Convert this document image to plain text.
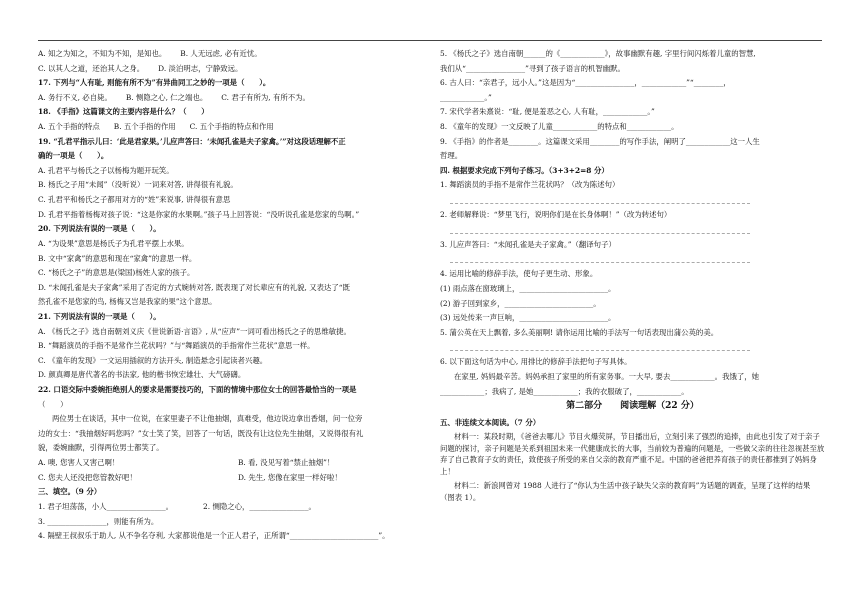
A. 知之为知之，不知为不知，是知也。 B. 人无远虑, 必有近忧。
C. 以其人之道，还治其人之身。 D. 淡泊明志，宁静致远。
17. 下列与“人有耻, 则能有所不为”有异曲同工之妙的一项是（　　）。
A. 务行不义, 必自毙。 B. 恻隐之心, 仁之端也。 C. 君子有所为, 有所不为。
18. 《手指》这篇课文的主要内容是什么？（　　）
A. 五个手指的特点 B. 五个手指的作用 C. 五个手指的特点和作用
19. “孔君平指示儿曰：‘此是君家果。’儿应声答曰：‘未闻孔雀是夫子家禽。’”对这段话理解不正
确的一项是（　　）。
A. 孔君平与杨氏之子以杨梅为题开玩笑。
B. 杨氏之子用“未闻”（没听说）一词来对答, 讲得很有礼貌。
C. 孔君平和杨氏之子都用对方的“姓”来说事, 讲得很有意思
D. 孔君平指着杨梅对孩子说：“这是你家的水果啊。”孩子马上回答说：“没听说孔雀是您家的鸟啊。”
20. 下列说法有误的一项是（　　）。
A. “为设果”意思是杨氏子为孔君平摆上水果。
B. 文中“家禽”的意思和现在“家禽”的意思一样。
C. “杨氏之子”的意思是(梁国)杨姓人家的孩子。
D. “未闻孔雀是夫子家禽”采用了否定的方式婉转对答, 既表现了对长辈应有的礼貌, 又表达了“既
然孔雀不是您家的鸟, 杨梅又岂是我家的果”这个意思。
21. 下列说法有误的一项是（　　）。
A. 《杨氏之子》选自南朝刘义庆《世说新语·言语》, 从“应声”一词可看出杨氏之子的思维敏捷。
B. “舞蹈演员的手指不是常作兰花状吗？”与“舞蹈演员的手指常作兰花状”意思一样。
C. 《童年的发现》一文运用插叙的方法开头, 制造悬念引起读者兴趣。
D. 颜真卿是唐代著名的书法家, 他的楷书恢宏雄壮、大气磅礴。
22. 口语交际中委婉拒绝别人的要求是需要技巧的，下面的情境中那位女士的回答最恰当的一项是
（　　）
两位男士在谈话，其中一位说，在家里妻子不让他抽烟，真难受，他边说边拿出香烟，问一位旁
边的女士：“我抽烟好吗您吗？”女士笑了笑，回答了一句话，既没有让这位先生抽烟，又说得很有礼
貌，委婉幽默，引得两位男士都笑了。
A. 噢, 您害人又害己啊！	B. 看, 没见写着“禁止抽烟”！
C. 您夫人还没把您管教好吧！	D. 先生, 您像在家里一样好啦！
三、填空。（9 分）
1. 君子坦荡荡，小人________________。	2. 恻隐之心，________________。
3. ________________，则能有所为。
4. 隔壁王叔叔乐于助人, 从不争名夺利, 大家都说他是一个正人君子，正所谓“________________________”。
5. 《杨氏之子》选自南朝______的《____________》，故事幽默有趣, 字里行间闪烁着儿童的智慧,
我们从“________________”寻到了孩子语言的机智幽默。
6. 古人曰：“亲君子，远小人。”这是因为“________________，____________”“________，
____________。”
7. 宋代学者朱熹说：“耻, 便是羞恶之心, 人有耻，____________。”
8. 《童年的发现》一文反映了儿童____________的特点和____________。
9. 《手指》的作者是________。这篇课文采用________的写作手法，阐明了____________这一人生
哲理。
四. 根据要求完成下列句子练习。（3+3+2=8 分）
1. 舞蹈演员的手指不是常作兰花状吗？（改为陈述句）
2. 老师解释说：“梦里飞行，说明你们是在长身体啊！”（改为转述句）
3. 儿应声答曰：“未闻孔雀是夫子家禽。”（翻译句子）
4. 运用比喻的修辞手法，使句子更生动、形象。
(1) 雨点落在窗玻璃上，________________________。
(2) 游子回到家乡，________________________。
(3) 远处传来一声巨响，________________________。
5. 蒲公英在天上飘着, 多么美丽啊! 请你运用比喻的手法写一句话表现出蒲公英的美。
6. 以下面这句话为中心, 用排比的修辞手法把句子写具体。
在家里, 妈妈最辛苦。妈妈承担了家里的所有家务事。一大早, 要去____________。我饿了，她
____________；我病了, 是她____________；我的衣服破了，____________。
第二部分　　阅读理解（22 分）
五、非连续文本阅读。（7 分）
材料一：某段时期，《爸爸去哪儿》节目火爆荧屏，节目播出后，立刻引来了强烈的追捧，由此也引发了对于亲子问题的探讨，亲子问题是关系到祖国未来一代健康成长的大事，当前较为普遍的问题是，一些做父亲的往往忽视甚至放弃了自己教育子女的责任，致使孩子所受的来自父亲的教育严重不足。中国的爸爸把养育孩子的责任都推到了妈妈身上！
材料二：新浪网曾对 1988 人进行了“你认为生活中孩子缺失父亲的教育吗”为话题的调查，呈现了这样的结果（图表 1）。
